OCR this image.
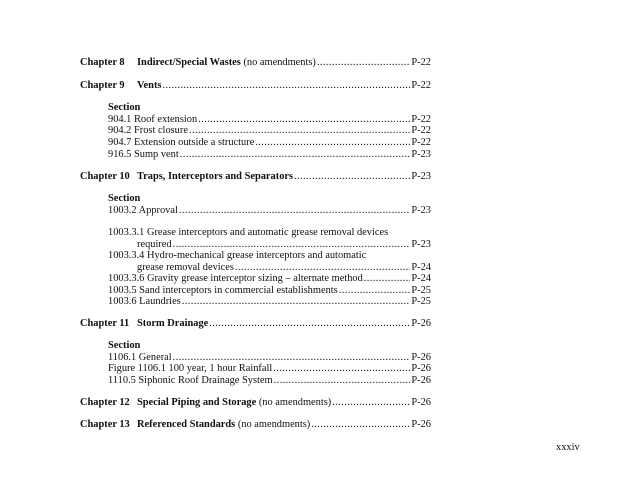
Chapter 8 Indirect/Special Wastes (no amendments) .....	P-22
Chapter 9 Vents .....	P-22
Section
904.1 Roof extension .....	P-22
904.2 Frost closure .....	P-22
904.7 Extension outside a structure .....	P-22
916.5 Sump vent .....	P-23
Chapter 10 Traps, Interceptors and Separators .....	P-23
Section
1003.2 Approval .....	P-23
1003.3.1 Grease interceptors and automatic grease removal devices
required .....	P-23
1003.3.4 Hydro-mechanical grease interceptors and automatic
grease removal devices .....	P-24
1003.3.6 Gravity grease interceptor sizing – alternate method .....	P-24
1003.5 Sand interceptors in commercial establishments .....	P-25
1003.6 Laundries .....	P-25
Chapter 11 Storm Drainage .....	P-26
Section
1106.1 General .....	P-26
Figure 1106.1 100 year, 1 hour Rainfall .....	P-26
1110.5 Siphonic Roof Drainage System .....	P-26
Chapter 12 Special Piping and Storage (no amendments) .....	P-26
Chapter 13 Referenced Standards (no amendments) .....	P-26
xxxiv
